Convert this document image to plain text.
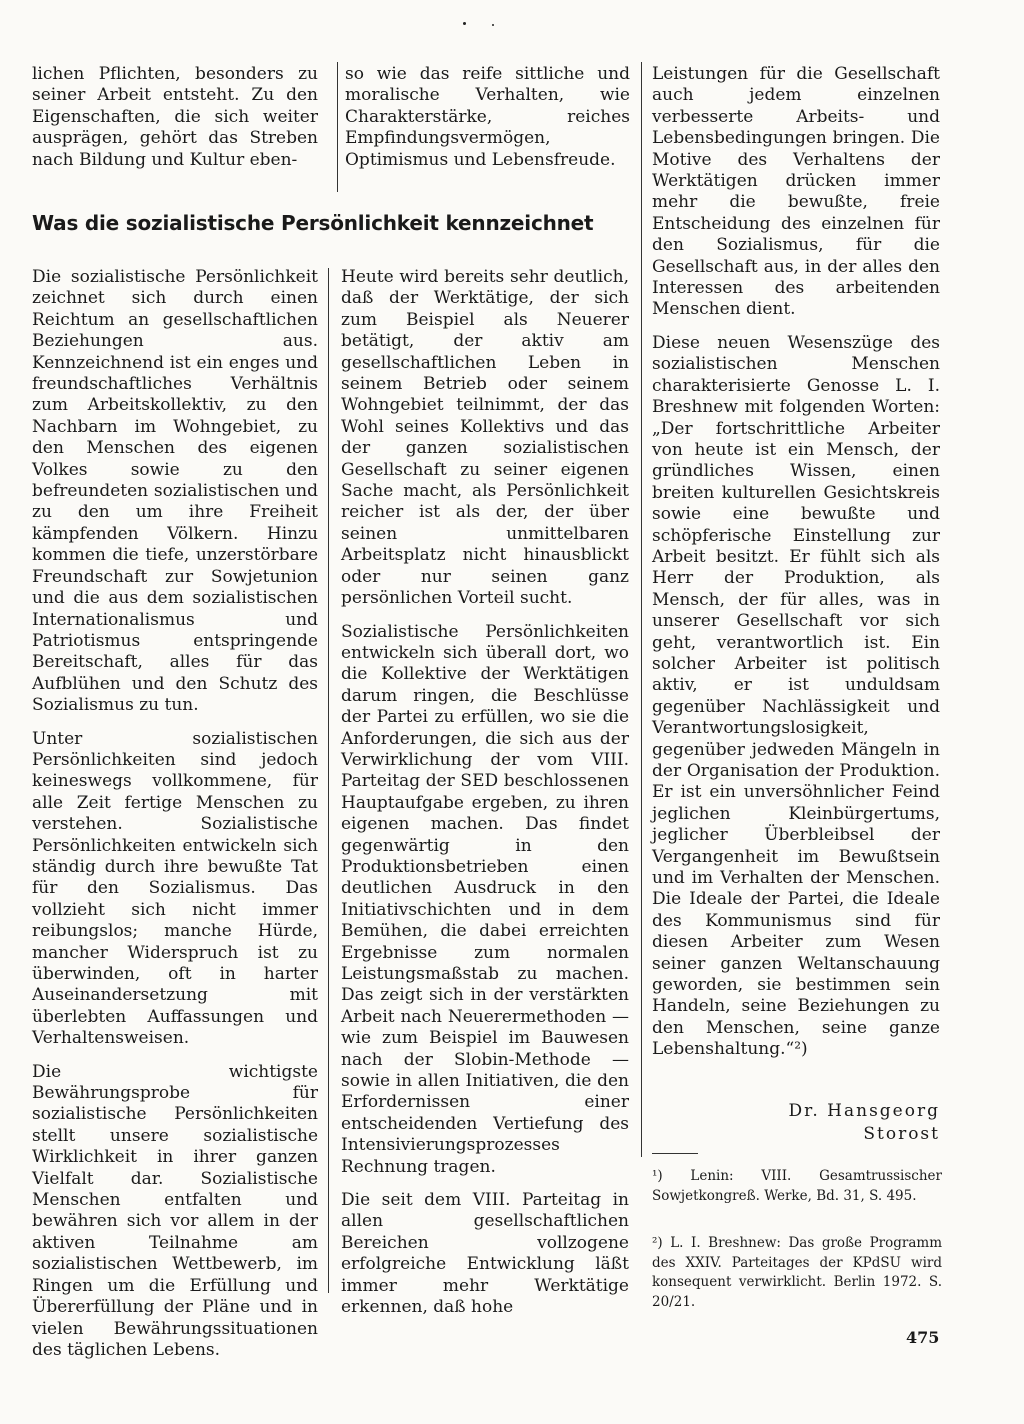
lichen Pflichten, besonders zu seiner Arbeit entsteht. Zu den Eigenschaften, die sich weiter ausprägen, gehört das Streben nach Bildung und Kultur eben-

so wie das reife sittliche und moralische Verhalten, wie Charakterstärke, reiches Empfindungsvermögen, Optimismus und Lebensfreude.

Was die sozialistische Persönlichkeit kennzeichnet

Die sozialistische Persönlichkeit zeichnet sich durch einen Reichtum an gesellschaftlichen Beziehungen aus. Kennzeichnend ist ein enges und freundschaftliches Verhältnis zum Arbeitskollektiv, zu den Nachbarn im Wohngebiet, zu den Menschen des eigenen Volkes sowie zu den befreundeten sozialistischen und zu den um ihre Freiheit kämpfenden Völkern. Hinzu kommen die tiefe, unzerstörbare Freundschaft zur Sowjetunion und die aus dem sozialistischen Internationalismus und Patriotismus entspringende Bereitschaft, alles für das Aufblühen und den Schutz des Sozialismus zu tun.

Unter sozialistischen Persönlichkeiten sind jedoch keineswegs vollkommene, für alle Zeit fertige Menschen zu verstehen. Sozialistische Persönlichkeiten entwickeln sich ständig durch ihre bewußte Tat für den Sozialismus. Das vollzieht sich nicht immer reibungslos; manche Hürde, mancher Widerspruch ist zu überwinden, oft in harter Auseinandersetzung mit überlebten Auffassungen und Verhaltensweisen.

Die wichtigste Bewährungsprobe für sozialistische Persönlichkeiten stellt unsere sozialistische Wirklichkeit in ihrer ganzen Vielfalt dar. Sozialistische Menschen entfalten und bewähren sich vor allem in der aktiven Teilnahme am sozialistischen Wettbewerb, im Ringen um die Erfüllung und Übererfüllung der Pläne und in vielen Bewährungssituationen des täglichen Lebens.

Heute wird bereits sehr deutlich, daß der Werktätige, der sich zum Beispiel als Neuerer betätigt, der aktiv am gesellschaftlichen Leben in seinem Betrieb oder seinem Wohngebiet teilnimmt, der das Wohl seines Kollektivs und das der ganzen sozialistischen Gesellschaft zu seiner eigenen Sache macht, als Persönlichkeit reicher ist als der, der über seinen unmittelbaren Arbeitsplatz nicht hinausblickt oder nur seinen ganz persönlichen Vorteil sucht.

Sozialistische Persönlichkeiten entwickeln sich überall dort, wo die Kollektive der Werktätigen darum ringen, die Beschlüsse der Partei zu erfüllen, wo sie die Anforderungen, die sich aus der Verwirklichung der vom VIII. Parteitag der SED beschlossenen Hauptaufgabe ergeben, zu ihren eigenen machen. Das findet gegenwärtig in den Produktionsbetrieben einen deutlichen Ausdruck in den Initiativschichten und in dem Bemühen, die dabei erreichten Ergebnisse zum normalen Leistungsmaßstab zu machen. Das zeigt sich in der verstärkten Arbeit nach Neuerermethoden — wie zum Beispiel im Bauwesen nach der Slobin-Methode — sowie in allen Initiativen, die den Erfordernissen einer entscheidenden Vertiefung des Intensivierungsprozesses Rechnung tragen.

Die seit dem VIII. Parteitag in allen gesellschaftlichen Bereichen vollzogene erfolgreiche Entwicklung läßt immer mehr Werktätige erkennen, daß hohe

Leistungen für die Gesellschaft auch jedem einzelnen verbesserte Arbeits- und Lebensbedingungen bringen. Die Motive des Verhaltens der Werktätigen drücken immer mehr die bewußte, freie Entscheidung des einzelnen für den Sozialismus, für die Gesellschaft aus, in der alles den Interessen des arbeitenden Menschen dient.

Diese neuen Wesenszüge des sozialistischen Menschen charakterisierte Genosse L. I. Breshnew mit folgenden Worten: „Der fortschrittliche Arbeiter von heute ist ein Mensch, der gründliches Wissen, einen breiten kulturellen Gesichtskreis sowie eine bewußte und schöpferische Einstellung zur Arbeit besitzt. Er fühlt sich als Herr der Produktion, als Mensch, der für alles, was in unserer Gesellschaft vor sich geht, verantwortlich ist. Ein solcher Arbeiter ist politisch aktiv, er ist unduldsam gegenüber Nachlässigkeit und Verantwortungslosigkeit, gegenüber jedweden Mängeln in der Organisation der Produktion. Er ist ein unversöhnlicher Feind jeglichen Kleinbürgertums, jeglicher Überbleibsel der Vergangenheit im Bewußtsein und im Verhalten der Menschen. Die Ideale der Partei, die Ideale des Kommunismus sind für diesen Arbeiter zum Wesen seiner ganzen Weltanschauung geworden, sie bestimmen sein Handeln, seine Beziehungen zu den Menschen, seine ganze Lebenshaltung.“²)

Dr. Hansgeorg
Storost
¹) Lenin: VIII. Gesamtrussischer Sowjetkongreß. Werke, Bd. 31, S. 495.
²) L. I. Breshnew: Das große Programm des XXIV. Parteitages der KPdSU wird konsequent verwirklicht. Berlin 1972. S. 20/21.
475
